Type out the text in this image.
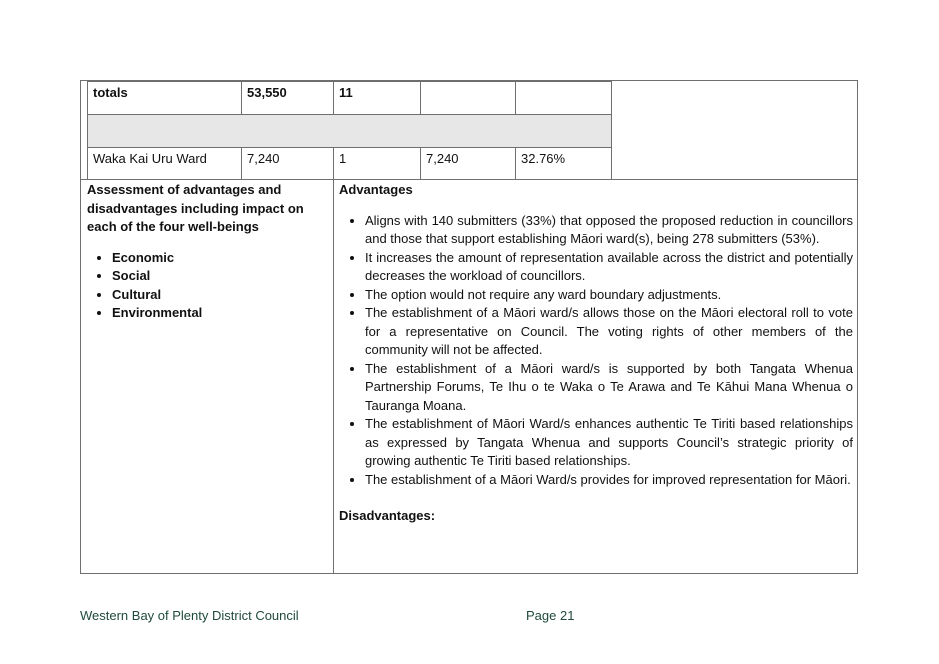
totals	53,550	11		

Waka Kai Uru Ward	7,240	1	7,240	32.76%
Assessment of advantages and disadvantages including impact on each of the four well-beings
• Economic
• Social
• Cultural
• Environmental
Advantages
• Aligns with 140 submitters (33%) that opposed the proposed reduction in councillors and those that support establishing Māori ward(s), being 278 submitters (53%).
• It increases the amount of representation available across the district and potentially decreases the workload of councillors.
• The option would not require any ward boundary adjustments.
• The establishment of a Māori ward/s allows those on the Māori electoral roll to vote for a representative on Council. The voting rights of other members of the community will not be affected.
• The establishment of a Māori ward/s is supported by both Tangata Whenua Partnership Forums, Te Ihu o te Waka o Te Arawa and Te Kāhui Mana Whenua o Tauranga Moana.
• The establishment of Māori Ward/s enhances authentic Te Tiriti based relationships as expressed by Tangata Whenua and supports Council’s strategic priority of growing authentic Te Tiriti based relationships.
• The establishment of a Māori Ward/s provides for improved representation for Māori.
Disadvantages:
Western Bay of Plenty District Council	Page 21
